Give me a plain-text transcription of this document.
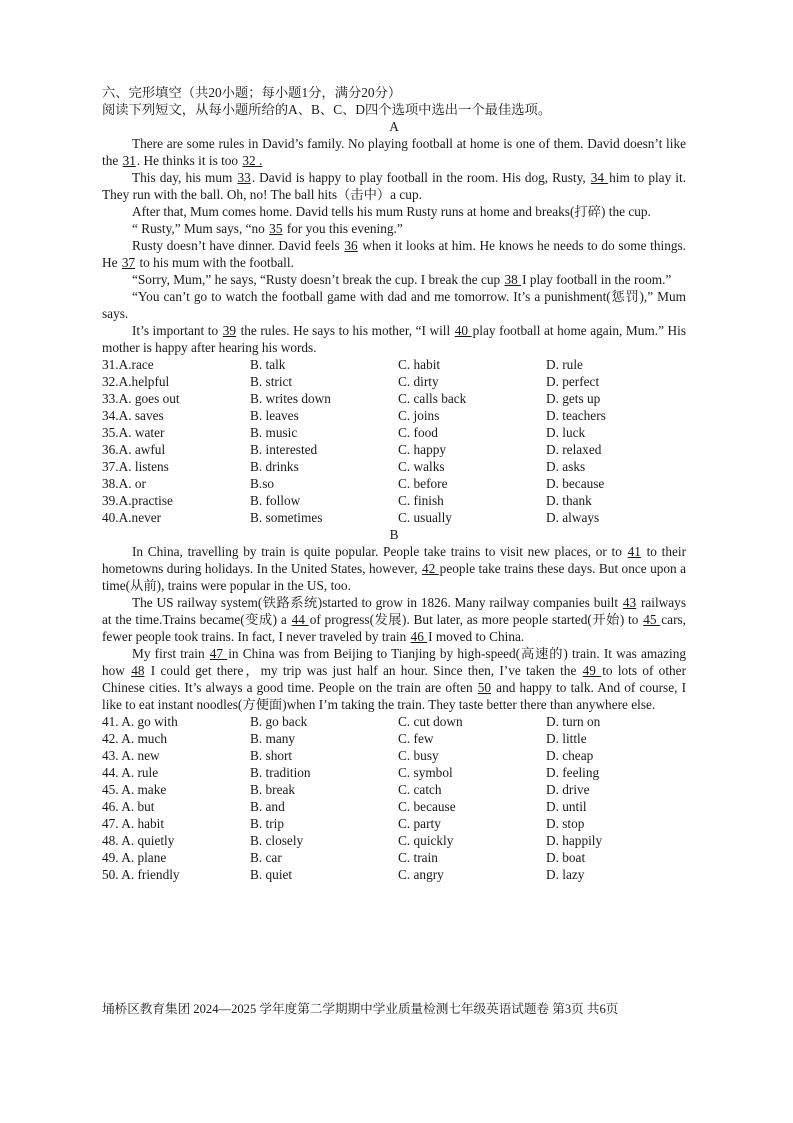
六、完形填空（共20小题；每小题1分，满分20分）

阅读下列短文，从每小题所给的A、B、C、D四个选项中选出一个最佳选项。

A

There are some rules in David’s family. No playing football at home is one of them. David doesn’t like the 31. He thinks it is too 32 .

This day, his mum 33. David is happy to play football in the room. His dog, Rusty, 34 him to play it. They run with the ball. Oh, no! The ball hits（击中）a cup.

After that, Mum comes home. David tells his mum Rusty runs at home and breaks(打碎) the cup.

“ Rusty,” Mum says, “no 35 for you this evening.”

Rusty doesn’t have dinner. David feels 36 when it looks at him. He knows he needs to do some things. He 37 to his mum with the football.

“Sorry, Mum,” he says, “Rusty doesn’t break the cup. I break the cup 38 I play football in the room.”

“You can’t go to watch the football game with dad and me tomorrow. It’s a punishment(惩罚),” Mum says.

It’s important to 39 the rules. He says to his mother, “I will 40 play football at home again, Mum.” His mother is happy after hearing his words.

31.A.race	B. talk	C. habit	D. rule
32.A.helpful	B. strict	C. dirty	D. perfect
33.A. goes out	B. writes down	C. calls back	D. gets up
34.A. saves	B. leaves	C. joins	D. teachers
35.A. water	B. music	C. food	D. luck
36.A. awful	B. interested	C. happy	D. relaxed
37.A. listens	B. drinks	C. walks	D. asks
38.A. or	B.so	C. before	D. because
39.A.practise	B. follow	C. finish	D. thank
40.A.never	B. sometimes	C. usually	D. always

B

In China, travelling by train is quite popular. People take trains to visit new places, or to 41 to their hometowns during holidays. In the United States, however, 42 people take trains these days. But once upon a time(从前), trains were popular in the US, too.

The US railway system(铁路系统)started to grow in 1826. Many railway companies built 43 railways at the time.Trains became(变成) a 44 of progress(发展). But later, as more people started(开始) to 45 cars, fewer people took trains. In fact, I never traveled by train 46 I moved to China.

My first train 47 in China was from Beijing to Tianjing by high-speed(高速的) train. It was amazing how 48 I could get there，my trip was just half an hour. Since then, I’ve taken the 49 to lots of other Chinese cities. It’s always a good time. People on the train are often 50 and happy to talk. And of course, I like to eat instant noodles(方便面)when I’m taking the train. They taste better there than anywhere else.

41. A. go with	B. go back	C. cut down	D. turn on
42. A. much	B. many	C. few	D. little
43. A. new	B. short	C. busy	D. cheap
44. A. rule	B. tradition	C. symbol	D. feeling
45. A. make	B. break	C. catch	D. drive
46. A. but	B. and	C. because	D. until
47. A. habit	B. trip	C. party	D. stop
48. A. quietly	B. closely	C. quickly	D. happily
49. A. plane	B. car	C. train	D. boat
50. A. friendly	B. quiet	C. angry	D. lazy
埇桥区教育集团 2024—2025 学年度第二学期期中学业质量检测七年级英语试题卷 第3页 共6页
